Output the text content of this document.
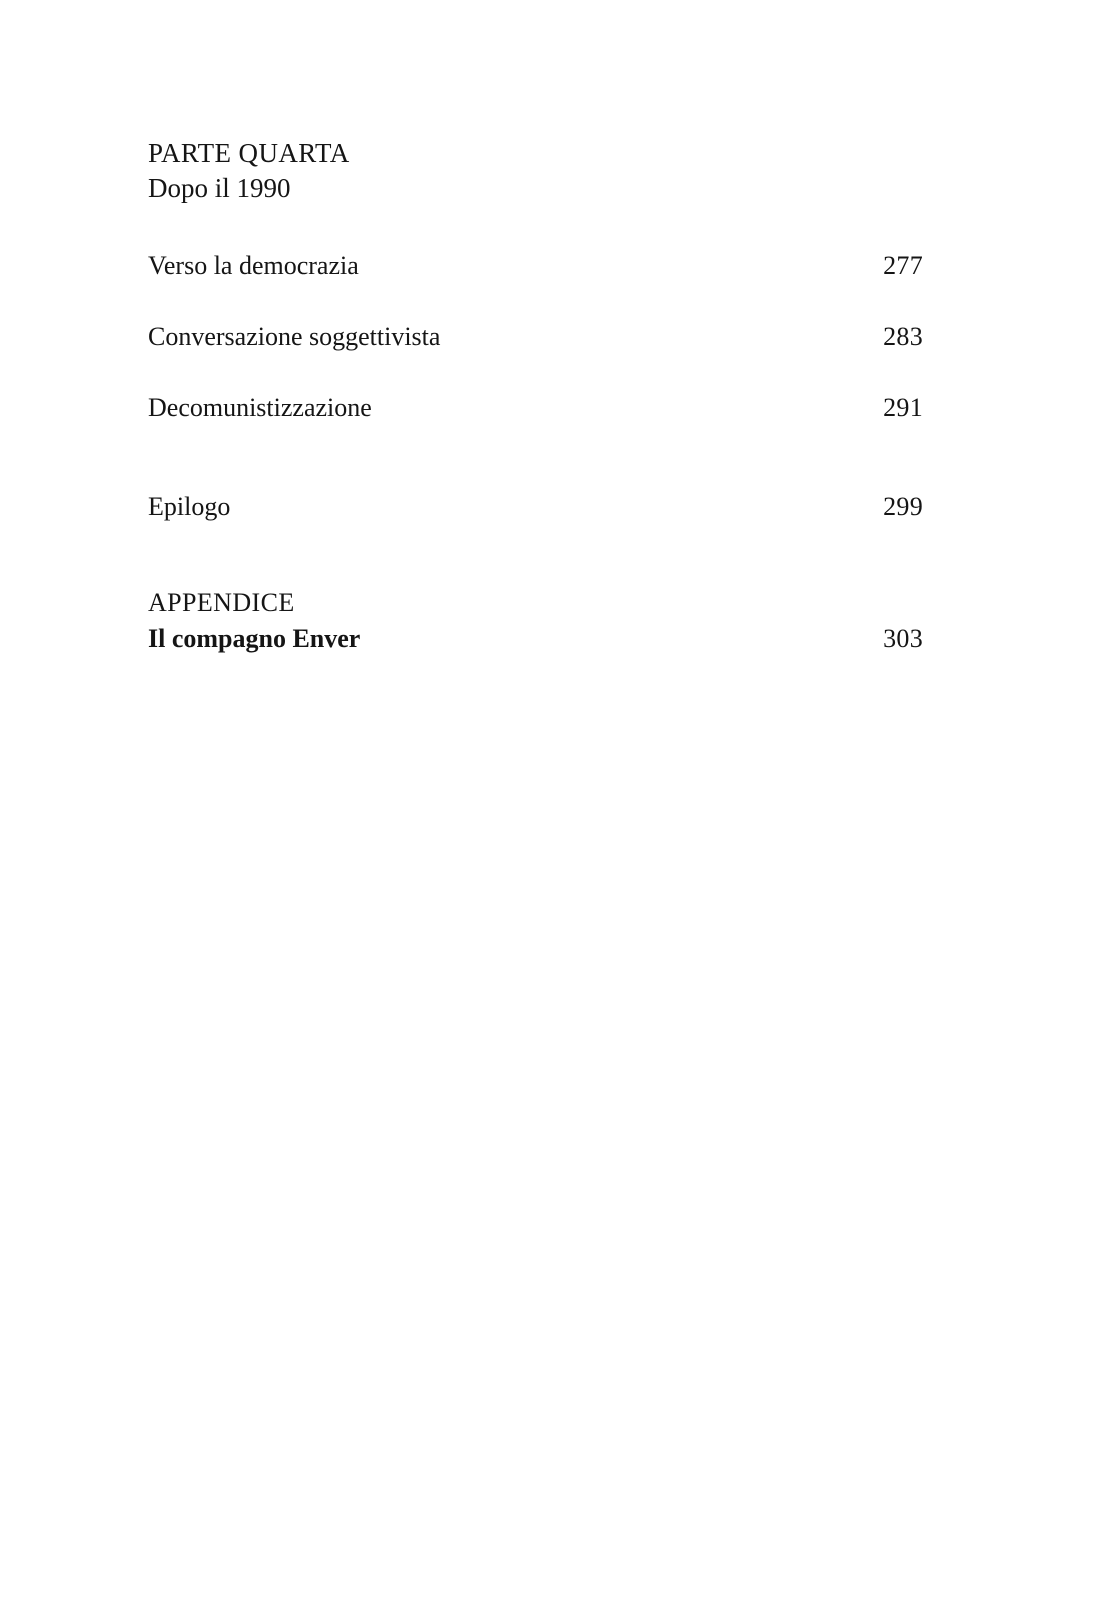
PARTE QUARTA
Dopo il 1990
Verso la democrazia	277
Conversazione soggettivista	283
Decomunistizzazione	291
Epilogo	299
APPENDICE
Il compagno Enver	303
